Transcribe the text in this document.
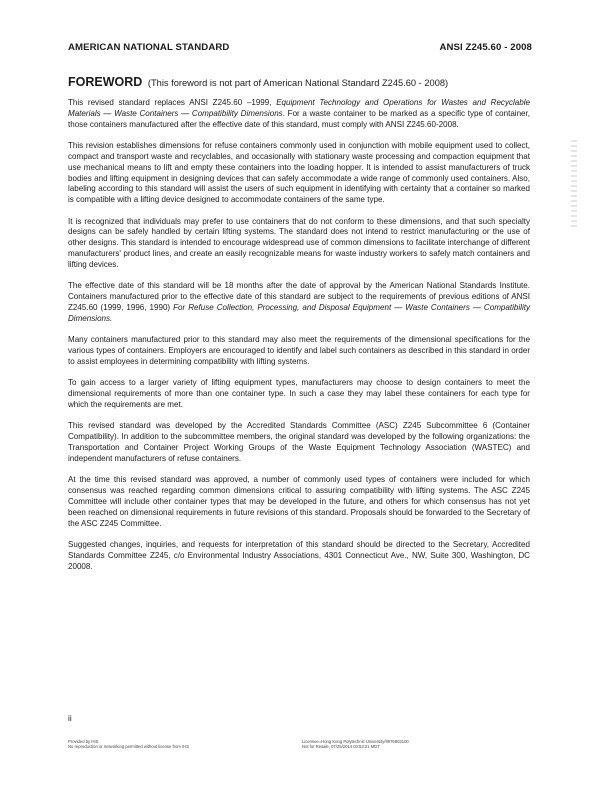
AMERICAN NATIONAL STANDARD	ANSI Z245.60 - 2008
FOREWORD (This foreword is not part of American National Standard Z245.60 - 2008)

This revised standard replaces ANSI Z245.60 –1999, Equipment Technology and Operations for Wastes and Recyclable Materials — Waste Containers — Compatibility Dimensions. For a waste container to be marked as a specific type of container, those containers manufactured after the effective date of this standard, must comply with ANSI Z245.60-2008.

This revision establishes dimensions for refuse containers commonly used in conjunction with mobile equipment used to collect, compact and transport waste and recyclables, and occasionally with stationary waste processing and compaction equipment that use mechanical means to lift and empty these containers into the loading hopper. It is intended to assist manufacturers of truck bodies and lifting equipment in designing devices that can safely accommodate a wide range of commonly used containers. Also, labeling according to this standard will assist the users of such equipment in identifying with certainty that a container so marked is compatible with a lifting device designed to accommodate containers of the same type.

It is recognized that individuals may prefer to use containers that do not conform to these dimensions, and that such specialty designs can be safely handled by certain lifting systems. The standard does not intend to restrict manufacturing or the use of other designs. This standard is intended to encourage widespread use of common dimensions to facilitate interchange of different manufacturers' product lines, and create an easily recognizable means for waste industry workers to safely match containers and lifting devices.

The effective date of this standard will be 18 months after the date of approval by the American National Standards Institute. Containers manufactured prior to the effective date of this standard are subject to the requirements of previous editions of ANSI Z245.60 (1999, 1996, 1990) For Refuse Collection, Processing, and Disposal Equipment — Waste Containers — Compatibility Dimensions.

Many containers manufactured prior to this standard may also meet the requirements of the dimensional specifications for the various types of containers. Employers are encouraged to identify and label such containers as described in this standard in order to assist employees in determining compatibility with lifting systems.

To gain access to a larger variety of lifting equipment types, manufacturers may choose to design containers to meet the dimensional requirements of more than one container type. In such a case they may label these containers for each type for which the requirements are met.

This revised standard was developed by the Accredited Standards Committee (ASC) Z245 Subcommittee 6 (Container Compatibility). In addition to the subcommittee members, the original standard was developed by the following organizations: the Transportation and Container Project Working Groups of the Waste Equipment Technology Association (WASTEC) and independent manufacturers of refuse containers.

At the time this revised standard was approved, a number of commonly used types of containers were included for which consensus was reached regarding common dimensions critical to assuring compatibility with lifting systems. The ASC Z245 Committee will include other container types that may be developed in the future, and others for which consensus has not yet been reached on dimensional requirements in future revisions of this standard. Proposals should be forwarded to the Secretary of the ASC Z245 Committee.

Suggested changes, inquiries, and requests for interpretation of this standard should be directed to the Secretary, Accredited Standards Committee Z245, c/o Environmental Industry Associations, 4301 Connecticut Ave., NW, Suite 300, Washington, DC 20008.

ii
Provided by IHS
No reproduction or networking permitted without license from IHS
Licensee=Hong Kong Polytechnic University/9976803100
Not for Resale, 07/25/2014 03:53:21 MDT
